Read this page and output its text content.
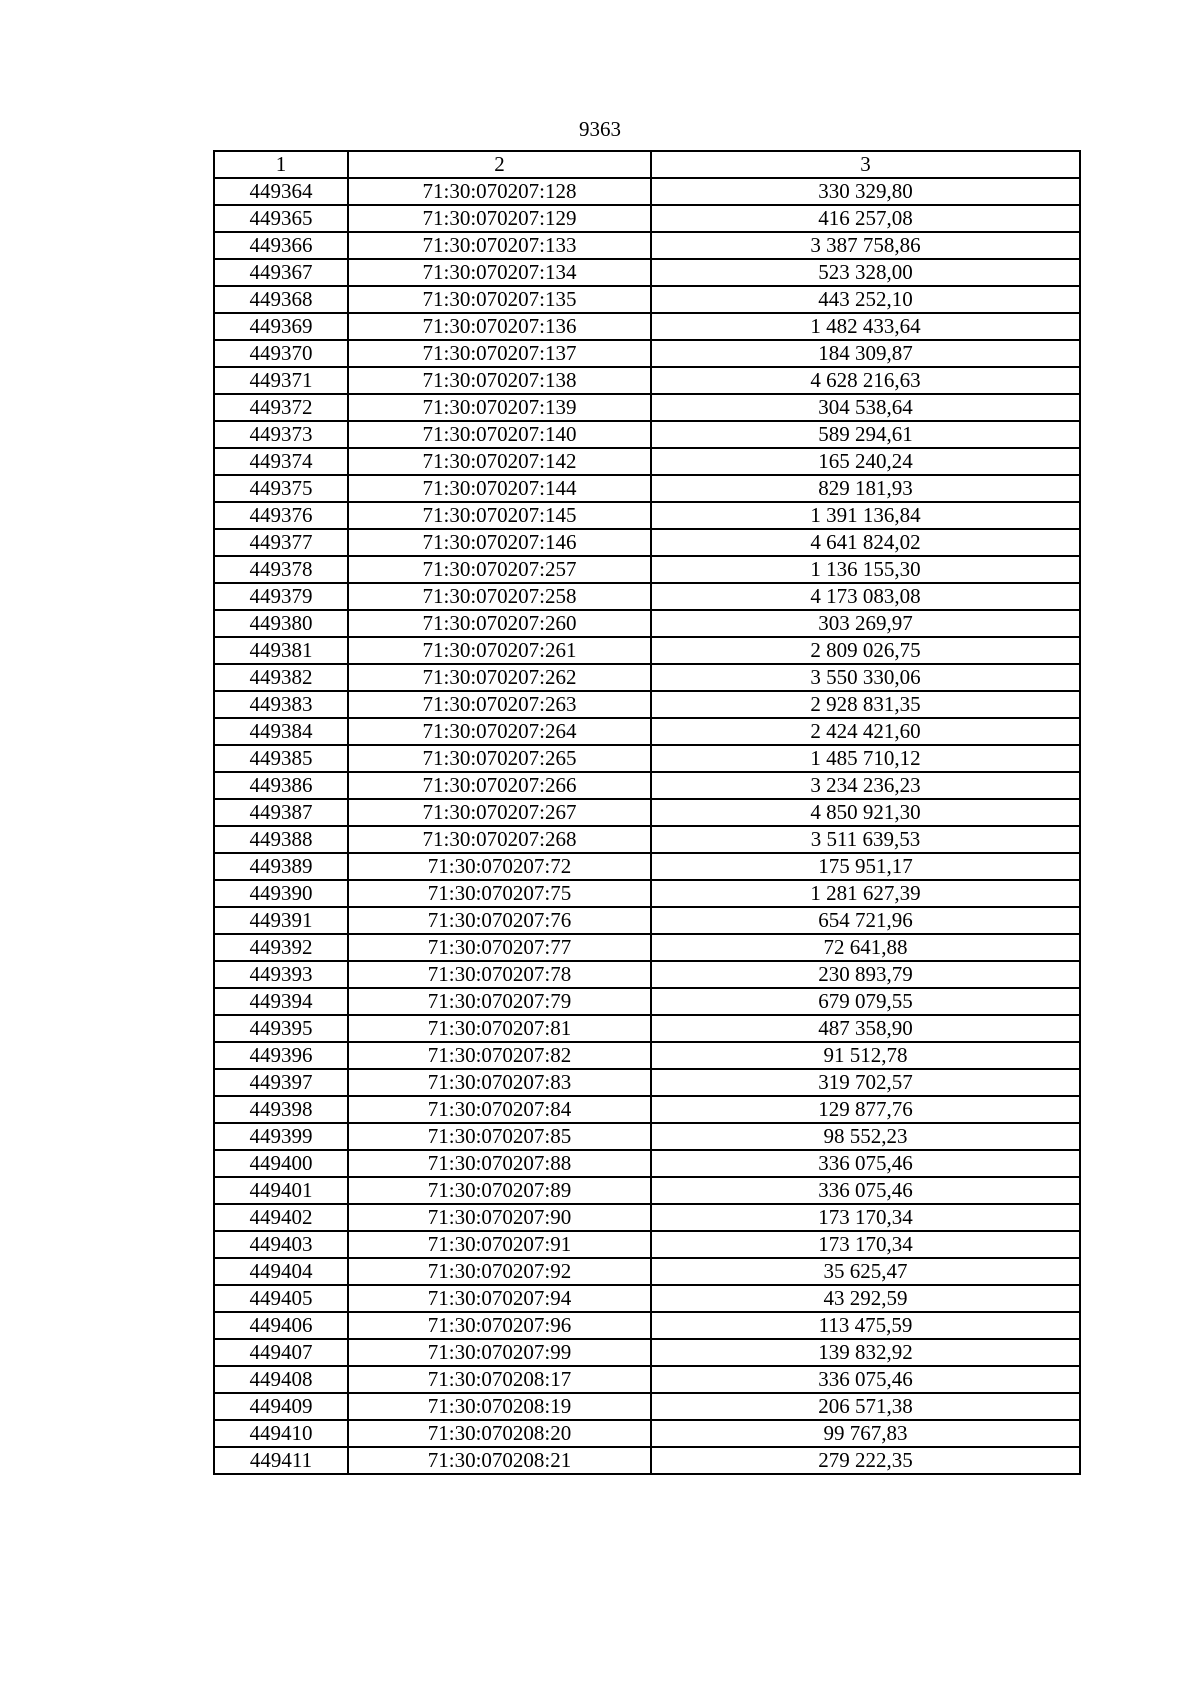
9363
1	2	3
449364	71:30:070207:128	330 329,80
449365	71:30:070207:129	416 257,08
449366	71:30:070207:133	3 387 758,86
449367	71:30:070207:134	523 328,00
449368	71:30:070207:135	443 252,10
449369	71:30:070207:136	1 482 433,64
449370	71:30:070207:137	184 309,87
449371	71:30:070207:138	4 628 216,63
449372	71:30:070207:139	304 538,64
449373	71:30:070207:140	589 294,61
449374	71:30:070207:142	165 240,24
449375	71:30:070207:144	829 181,93
449376	71:30:070207:145	1 391 136,84
449377	71:30:070207:146	4 641 824,02
449378	71:30:070207:257	1 136 155,30
449379	71:30:070207:258	4 173 083,08
449380	71:30:070207:260	303 269,97
449381	71:30:070207:261	2 809 026,75
449382	71:30:070207:262	3 550 330,06
449383	71:30:070207:263	2 928 831,35
449384	71:30:070207:264	2 424 421,60
449385	71:30:070207:265	1 485 710,12
449386	71:30:070207:266	3 234 236,23
449387	71:30:070207:267	4 850 921,30
449388	71:30:070207:268	3 511 639,53
449389	71:30:070207:72	175 951,17
449390	71:30:070207:75	1 281 627,39
449391	71:30:070207:76	654 721,96
449392	71:30:070207:77	72 641,88
449393	71:30:070207:78	230 893,79
449394	71:30:070207:79	679 079,55
449395	71:30:070207:81	487 358,90
449396	71:30:070207:82	91 512,78
449397	71:30:070207:83	319 702,57
449398	71:30:070207:84	129 877,76
449399	71:30:070207:85	98 552,23
449400	71:30:070207:88	336 075,46
449401	71:30:070207:89	336 075,46
449402	71:30:070207:90	173 170,34
449403	71:30:070207:91	173 170,34
449404	71:30:070207:92	35 625,47
449405	71:30:070207:94	43 292,59
449406	71:30:070207:96	113 475,59
449407	71:30:070207:99	139 832,92
449408	71:30:070208:17	336 075,46
449409	71:30:070208:19	206 571,38
449410	71:30:070208:20	99 767,83
449411	71:30:070208:21	279 222,35
